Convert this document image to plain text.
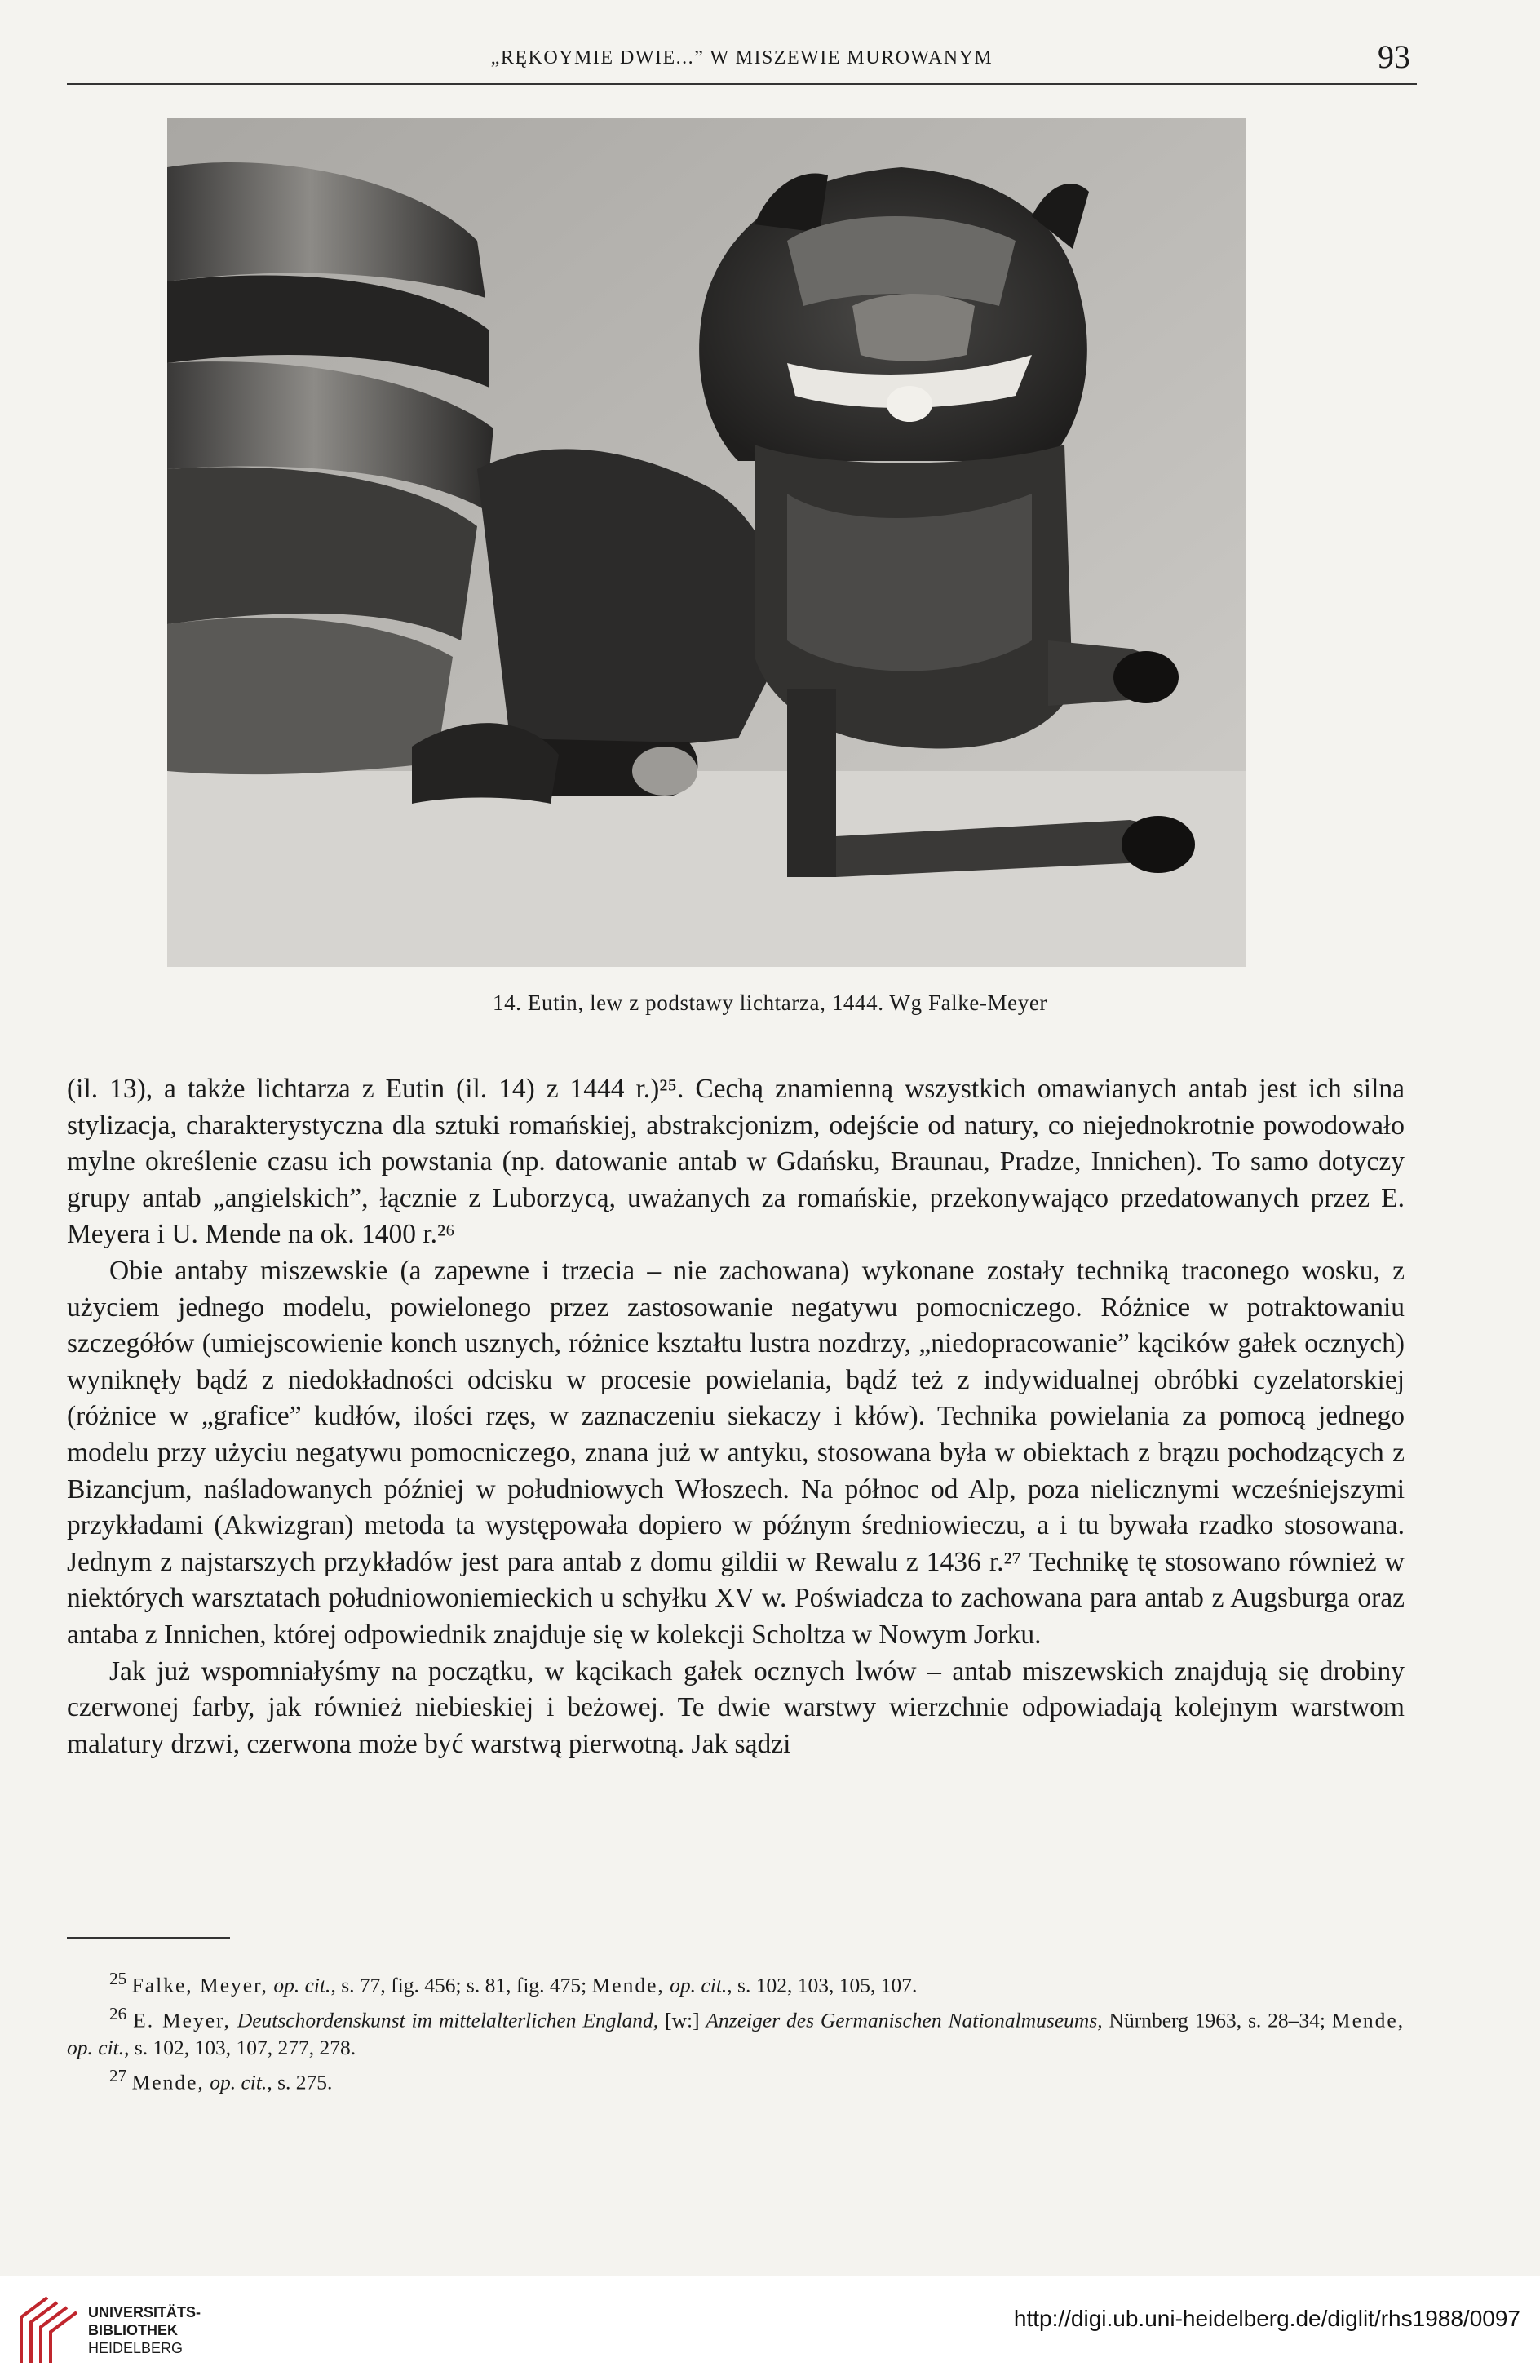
„RĘKOYMIE DWIE...” W MISZEWIE MUROWANYM	93
14. Eutin, lew z podstawy lichtarza, 1444. Wg Falke-Meyer

(il. 13), a także lichtarza z Eutin (il. 14) z 1444 r.)²⁵. Cechą znamienną wszystkich omawianych antab jest ich silna stylizacja, charakterystyczna dla sztuki romańskiej, abstrakcjonizm, odejście od natury, co niejednokrotnie powodowało mylne określenie czasu ich powstania (np. datowanie antab w Gdańsku, Braunau, Pradze, Innichen). To samo dotyczy grupy antab „angielskich”, łącznie z Luborzycą, uważanych za romańskie, przekonywająco przedatowanych przez E. Meyera i U. Mende na ok. 1400 r.²⁶

Obie antaby miszewskie (a zapewne i trzecia – nie zachowana) wykonane zostały techniką traconego wosku, z użyciem jednego modelu, powielonego przez zastosowanie negatywu pomocniczego. Różnice w potraktowaniu szczegółów (umiejscowienie konch usznych, różnice kształtu lustra nozdrzy, „niedopracowanie” kącików gałek ocznych) wyniknęły bądź z niedokładności odcisku w procesie powielania, bądź też z indywidualnej obróbki cyzelatorskiej (różnice w „grafice” kudłów, ilości rzęs, w zaznaczeniu siekaczy i kłów). Technika powielania za pomocą jednego modelu przy użyciu negatywu pomocniczego, znana już w antyku, stosowana była w obiektach z brązu pochodzących z Bizancjum, naśladowanych później w południowych Włoszech. Na północ od Alp, poza nielicznymi wcześniejszymi przykładami (Akwizgran) metoda ta występowała dopiero w późnym średniowieczu, a i tu bywała rzadko stosowana. Jednym z najstarszych przykładów jest para antab z domu gildii w Rewalu z 1436 r.²⁷ Technikę tę stosowano również w niektórych warsztatach południowoniemieckich u schyłku XV w. Poświadcza to zachowana para antab z Augsburga oraz antaba z Innichen, której odpowiednik znajduje się w kolekcji Scholtza w Nowym Jorku.

Jak już wspomniałyśmy na początku, w kącikach gałek ocznych lwów – antab miszewskich znajdują się drobiny czerwonej farby, jak również niebieskiej i beżowej. Te dwie warstwy wierzchnie odpowiadają kolejnym warstwom malatury drzwi, czerwona może być warstwą pierwotną. Jak sądzi

$^{25}$ Falke, Meyer, op. cit., s. 77, fig. 456; s. 81, fig. 475; Mende, op. cit., s. 102, 103, 105, 107.

$^{26}$ E. Meyer, Deutschordenskunst im mittelalterlichen England, [w:] Anzeiger des Germanischen Nationalmuseums, Nürnberg 1963, s. 28–34; Mende, op. cit., s. 102, 103, 107, 277, 278.

$^{27}$ Mende, op. cit., s. 275.

UNIVERSITÄTS-
BIBLIOTHEK
HEIDELBERG
http://digi.ub.uni-heidelberg.de/diglit/rhs1988/0097
